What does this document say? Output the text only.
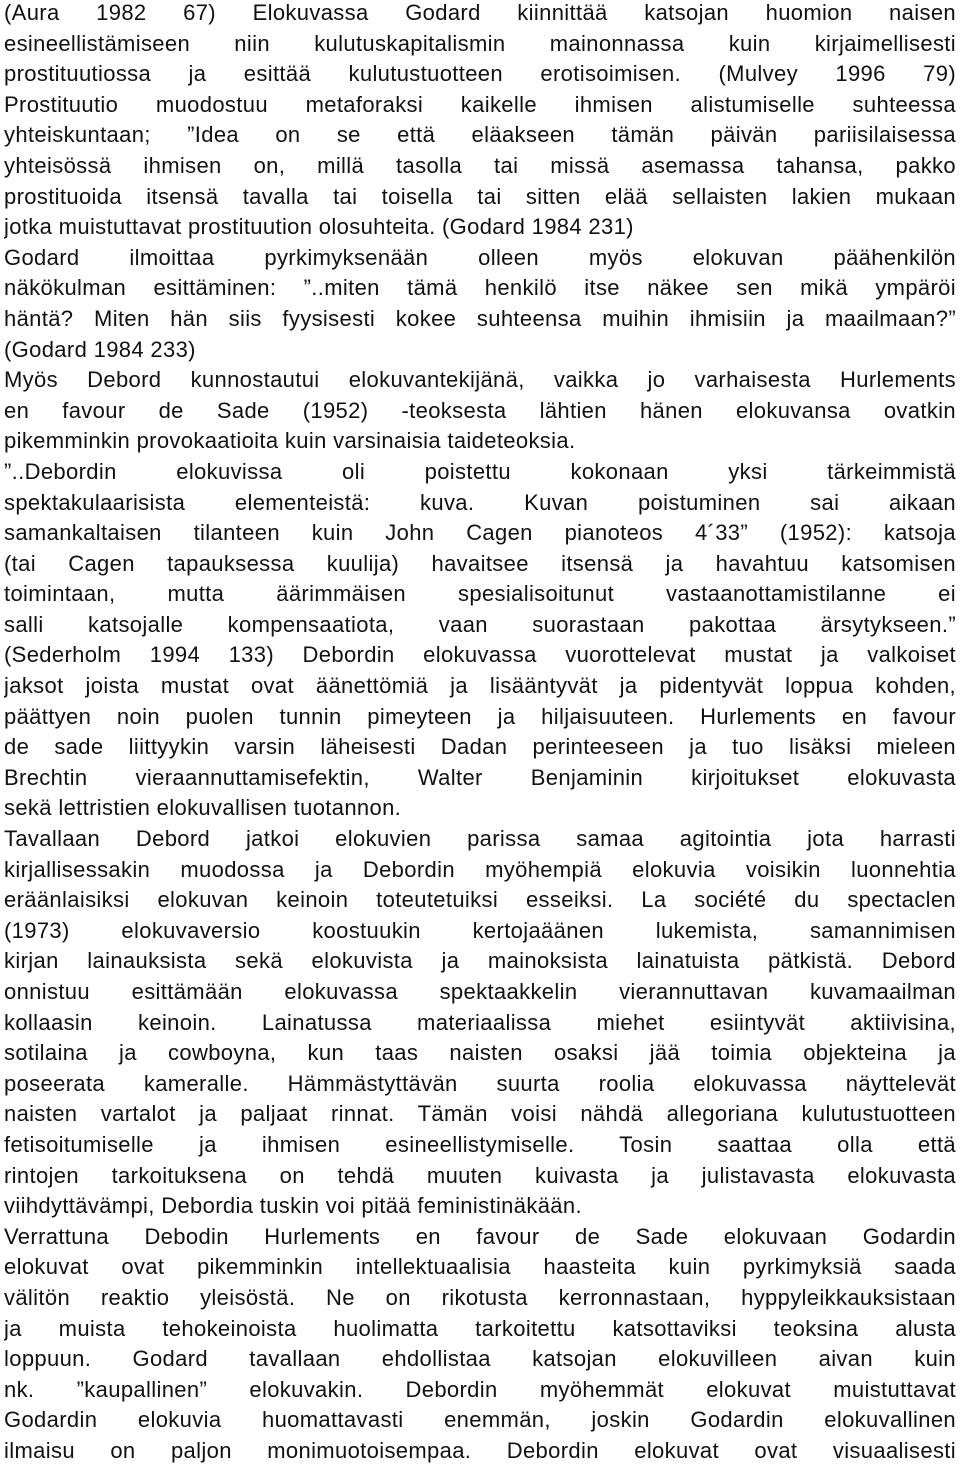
(Aura 1982 67) Elokuvassa Godard kiinnittää katsojan huomion naisen
esineellistämiseen niin kulutuskapitalismin mainonnassa kuin kirjaimellisesti
prostituutiossa ja esittää kulutustuotteen erotisoimisen. (Mulvey 1996 79)
Prostituutio muodostuu metaforaksi kaikelle ihmisen alistumiselle suhteessa
yhteiskuntaan; ”Idea on se että eläakseen tämän päivän pariisilaisessa
yhteisössä ihmisen on, millä tasolla tai missä asemassa tahansa, pakko
prostituoida itsensä tavalla tai toisella tai sitten elää sellaisten lakien mukaan
jotka muistuttavat prostituution olosuhteita. (Godard 1984 231)
Godard ilmoittaa pyrkimyksenään olleen myös elokuvan päähenkilön
näkökulman esittäminen: ”..miten tämä henkilö itse näkee sen mikä ympäröi
häntä? Miten hän siis fyysisesti kokee suhteensa muihin ihmisiin ja maailmaan?”
(Godard 1984 233)
Myös Debord kunnostautui elokuvantekijänä, vaikka jo varhaisesta Hurlements
en favour de Sade (1952) -teoksesta lähtien hänen elokuvansa ovatkin
pikemminkin provokaatioita kuin varsinaisia taideteoksia.
”..Debordin elokuvissa oli poistettu kokonaan yksi tärkeimmistä
spektakulaarisista elementeistä: kuva. Kuvan poistuminen sai aikaan
samankaltaisen tilanteen kuin John Cagen pianoteos 4´33” (1952): katsoja
(tai Cagen tapauksessa kuulija) havaitsee itsensä ja havahtuu katsomisen
toimintaan, mutta äärimmäisen spesialisoitunut vastaanottamistilanne ei
salli katsojalle kompensaatiota, vaan suorastaan pakottaa ärsytykseen.”
(Sederholm 1994 133) Debordin elokuvassa vuorottelevat mustat ja valkoiset
jaksot joista mustat ovat äänettömiä ja lisääntyvät ja pidentyvät loppua kohden,
päättyen noin puolen tunnin pimeyteen ja hiljaisuuteen. Hurlements en favour
de sade liittyykin varsin läheisesti Dadan perinteeseen ja tuo lisäksi mieleen
Brechtin vieraannuttamisefektin, Walter Benjaminin kirjoitukset elokuvasta
sekä lettristien elokuvallisen tuotannon.
Tavallaan Debord jatkoi elokuvien parissa samaa agitointia jota harrasti
kirjallisessakin muodossa ja Debordin myöhempiä elokuvia voisikin luonnehtia
eräänlaisiksi elokuvan keinoin toteutetuiksi esseiksi. La société du spectaclen
(1973) elokuvaversio koostuukin kertojaäänen lukemista, samannimisen
kirjan lainauksista sekä elokuvista ja mainoksista lainatuista pätkistä. Debord
onnistuu esittämään elokuvassa spektaakkelin vierannuttavan kuvamaailman
kollaasin keinoin. Lainatussa materiaalissa miehet esiintyvät aktiivisina,
sotilaina ja cowboyna, kun taas naisten osaksi jää toimia objekteina ja
poseerata kameralle. Hämmästyttävän suurta roolia elokuvassa näyttelevät
naisten vartalot ja paljaat rinnat. Tämän voisi nähdä allegoriana kulutustuotteen
fetisoitumiselle ja ihmisen esineellistymiselle. Tosin saattaa olla että
rintojen tarkoituksena on tehdä muuten kuivasta ja julistavasta elokuvasta
viihdyttävämpi, Debordia tuskin voi pitää feministinäkään.
Verrattuna Debodin Hurlements en favour de Sade elokuvaan Godardin
elokuvat ovat pikemminkin intellektuaalisia haasteita kuin pyrkimyksiä saada
välitön reaktio yleisöstä. Ne on rikotusta kerronnastaan, hyppyleikkauksistaan
ja muista tehokeinoista huolimatta tarkoitettu katsottaviksi teoksina alusta
loppuun. Godard tavallaan ehdollistaa katsojan elokuvilleen aivan kuin
nk. ”kaupallinen” elokuvakin. Debordin myöhemmät elokuvat muistuttavat
Godardin elokuvia huomattavasti enemmän, joskin Godardin elokuvallinen
ilmaisu on paljon monimuotoisempaa. Debordin elokuvat ovat visuaalisesti
